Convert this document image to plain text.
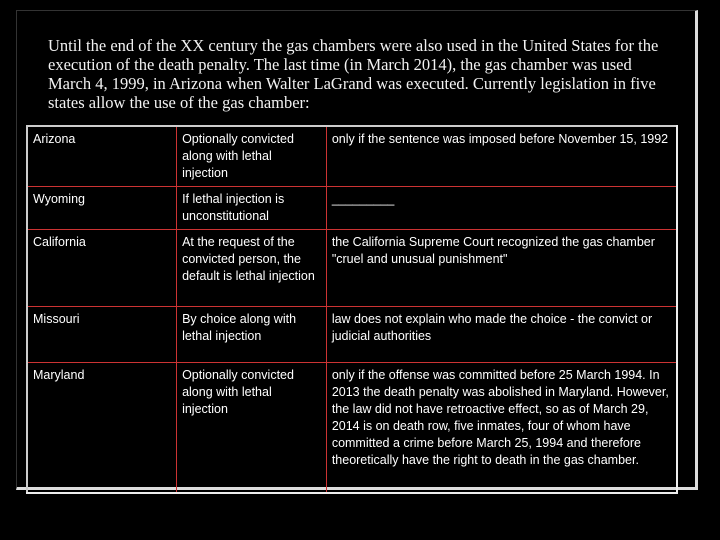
Until the end of the XX century the gas chambers were also used in the United States for the execution of the death penalty. The last time (in March 2014), the gas chamber was used March 4, 1999, in Arizona when Walter LaGrand was executed. Currently legislation in five states allow the use of the gas chamber:

Arizona	Optionally convicted along with lethal injection	only if the sentence was imposed before November 15, 1992
Wyoming	If lethal injection is unconstitutional	_________
California	At the request of the convicted person, the default is lethal injection	the California Supreme Court recognized the gas chamber "cruel and unusual punishment"
Missouri	By choice along with lethal injection	law does not explain who made the choice - the convict or judicial authorities
Maryland	Optionally convicted along with lethal injection	only if the offense was committed before 25 March 1994. In 2013 the death penalty was abolished in Maryland. However, the law did not have retroactive effect, so as of March 29, 2014 is on death row, five inmates, four of whom have committed a crime before March 25, 1994 and therefore theoretically have the right to death in the gas chamber.
